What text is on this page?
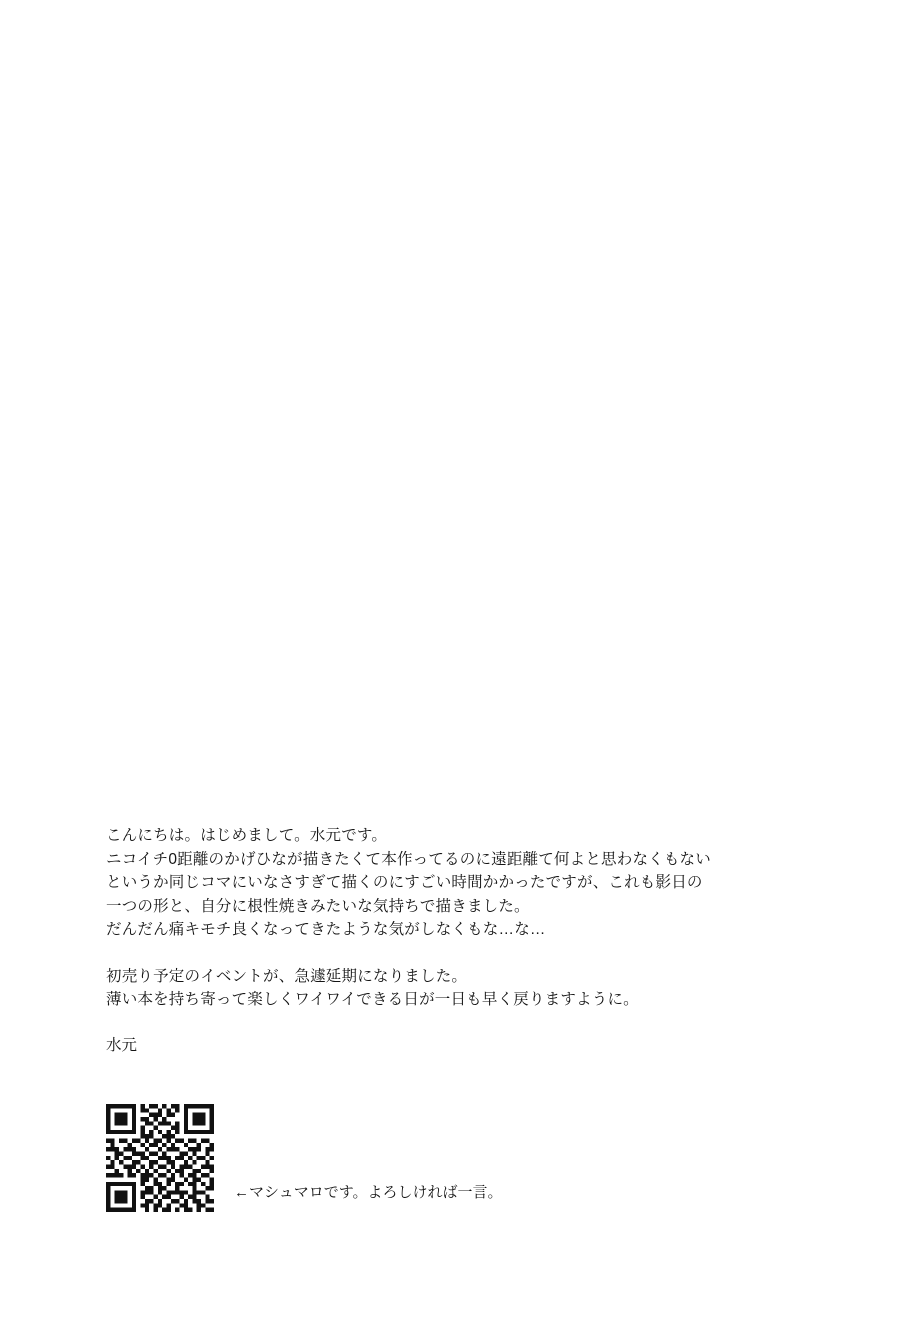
こんにちは。はじめまして。水元です。

ニコイチ0距離のかげひなが描きたくて本作ってるのに遠距離て何よと思わなくもない

というか同じコマにいなさすぎて描くのにすごい時間かかったですが、これも影日の

一つの形と、自分に根性焼きみたいな気持ちで描きました。

だんだん痛キモチ良くなってきたような気がしなくもな…な…

初売り予定のイベントが、急遽延期になりました。

薄い本を持ち寄って楽しくワイワイできる日が一日も早く戻りますように。

水元

←マシュマロです。よろしければ一言。
